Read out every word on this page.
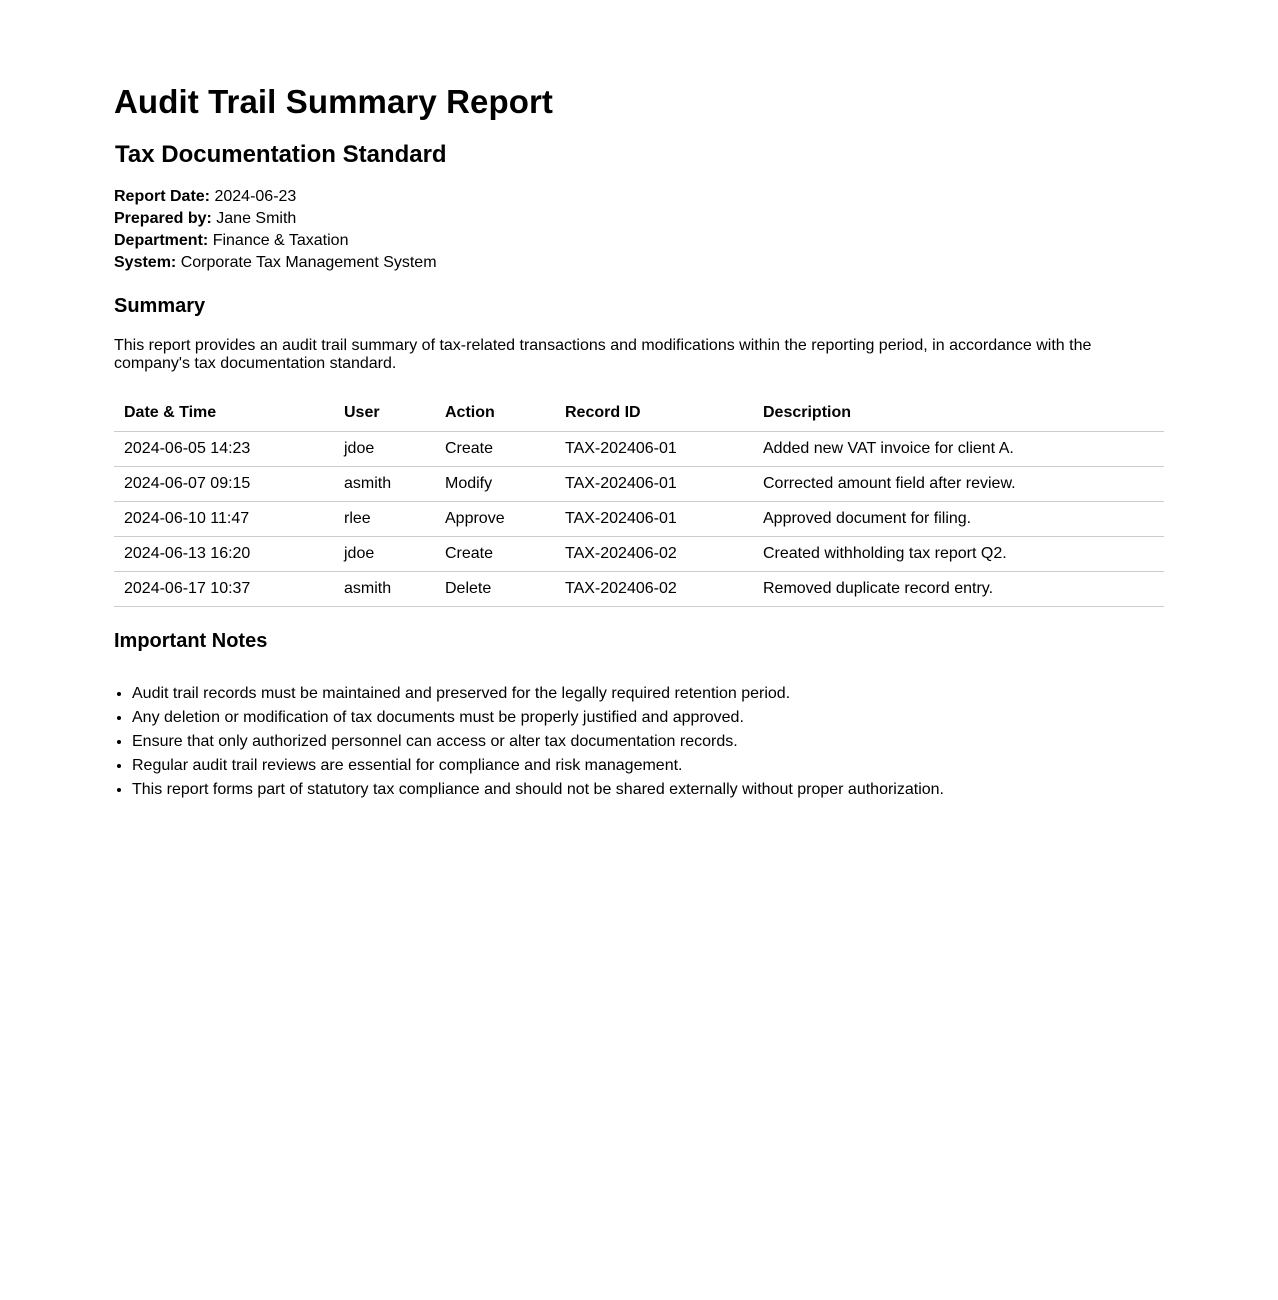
Audit Trail Summary Report
Tax Documentation Standard
Report Date: 2024-06-23
Prepared by: Jane Smith
Department: Finance & Taxation
System: Corporate Tax Management System
Summary

This report provides an audit trail summary of tax-related transactions and modifications within the reporting period, in accordance with the company's tax documentation standard.

Date & Time	User	Action	Record ID	Description
2024-06-05 14:23	jdoe	Create	TAX-202406-01	Added new VAT invoice for client A.
2024-06-07 09:15	asmith	Modify	TAX-202406-01	Corrected amount field after review.
2024-06-10 11:47	rlee	Approve	TAX-202406-01	Approved document for filing.
2024-06-13 16:20	jdoe	Create	TAX-202406-02	Created withholding tax report Q2.
2024-06-17 10:37	asmith	Delete	TAX-202406-02	Removed duplicate record entry.
Important Notes
• Audit trail records must be maintained and preserved for the legally required retention period.
• Any deletion or modification of tax documents must be properly justified and approved.
• Ensure that only authorized personnel can access or alter tax documentation records.
• Regular audit trail reviews are essential for compliance and risk management.
• This report forms part of statutory tax compliance and should not be shared externally without proper authorization.
